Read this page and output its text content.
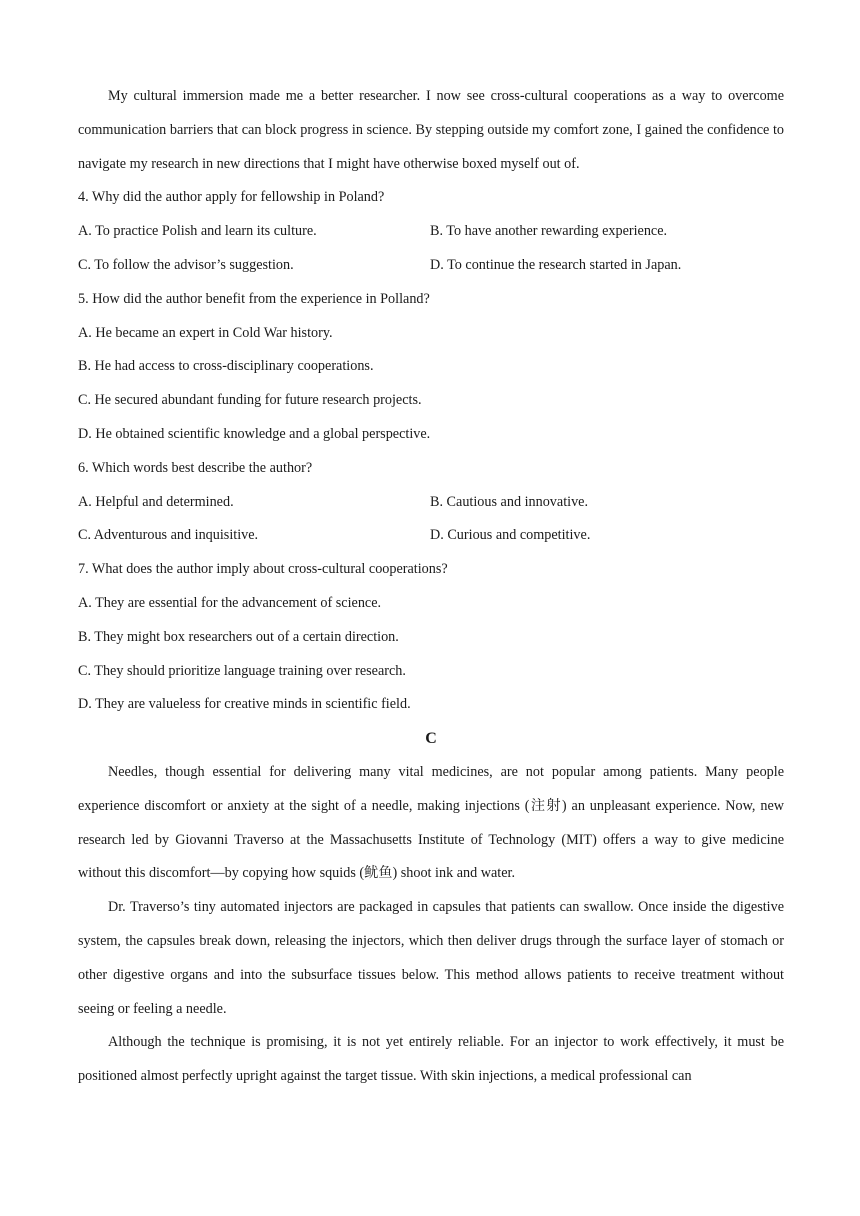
My cultural immersion made me a better researcher. I now see cross-cultural cooperations as a way to overcome communication barriers that can block progress in science. By stepping outside my comfort zone, I gained the confidence to navigate my research in new directions that I might have otherwise boxed myself out of.

4. Why did the author apply for fellowship in Poland?
A. To practice Polish and learn its culture.	B. To have another rewarding experience.
C. To follow the advisor’s suggestion.	D. To continue the research started in Japan.
5. How did the author benefit from the experience in Polland?
A. He became an expert in Cold War history.
B. He had access to cross-disciplinary cooperations.
C. He secured abundant funding for future research projects.
D. He obtained scientific knowledge and a global perspective.
6. Which words best describe the author?
A. Helpful and determined.	B. Cautious and innovative.
C. Adventurous and inquisitive.	D. Curious and competitive.
7. What does the author imply about cross-cultural cooperations?
A. They are essential for the advancement of science.
B. They might box researchers out of a certain direction.
C. They should prioritize language training over research.
D. They are valueless for creative minds in scientific field.
C

Needles, though essential for delivering many vital medicines, are not popular among patients. Many people experience discomfort or anxiety at the sight of a needle, making injections (注射) an unpleasant experience. Now, new research led by Giovanni Traverso at the Massachusetts Institute of Technology (MIT) offers a way to give medicine without this discomfort—by copying how squids (鱿鱼) shoot ink and water.

Dr. Traverso’s tiny automated injectors are packaged in capsules that patients can swallow. Once inside the digestive system, the capsules break down, releasing the injectors, which then deliver drugs through the surface layer of stomach or other digestive organs and into the subsurface tissues below. This method allows patients to receive treatment without seeing or feeling a needle.

Although the technique is promising, it is not yet entirely reliable. For an injector to work effectively, it must be positioned almost perfectly upright against the target tissue. With skin injections, a medical professional can
